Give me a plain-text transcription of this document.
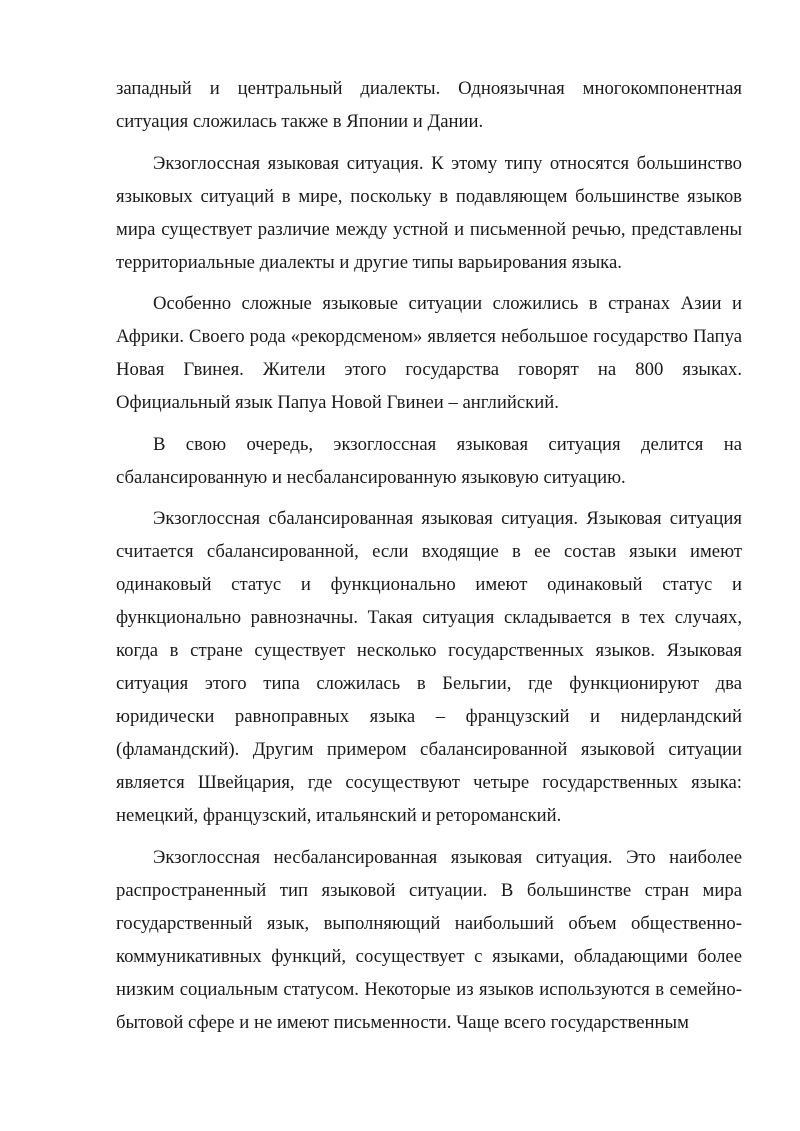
западный и центральный диалекты. Одноязычная многокомпонентная ситуация сложилась также в Японии и Дании.

Экзоглоссная языковая ситуация. К этому типу относятся большинство языковых ситуаций в мире, поскольку в подавляющем большинстве языков мира существует различие между устной и письменной речью, представлены территориальные диалекты и другие типы варьирования языка.

Особенно сложные языковые ситуации сложились в странах Азии и Африки. Своего рода «рекордсменом» является небольшое государство Папуа Новая Гвинея. Жители этого государства говорят на 800 языках. Официальный язык Папуа Новой Гвинеи – английский.

В свою очередь, экзоглоссная языковая ситуация делится на сбалансированную и несбалансированную языковую ситуацию.

Экзоглоссная сбалансированная языковая ситуация. Языковая ситуация считается сбалансированной, если входящие в ее состав языки имеют одинаковый статус и функционально имеют одинаковый статус и функционально равнозначны. Такая ситуация складывается в тех случаях, когда в стране существует несколько государственных языков. Языковая ситуация этого типа сложилась в Бельгии, где функционируют два юридически равноправных языка – французский и нидерландский (фламандский). Другим примером сбалансированной языковой ситуации является Швейцария, где сосуществуют четыре государственных языка: немецкий, французский, итальянский и ретороманский.

Экзоглоссная несбалансированная языковая ситуация. Это наиболее распространенный тип языковой ситуации. В большинстве стран мира государственный язык, выполняющий наибольший объем общественно-коммуникативных функций, сосуществует с языками, обладающими более низким социальным статусом. Некоторые из языков используются в семейно-бытовой сфере и не имеют письменности. Чаще всего государственным
